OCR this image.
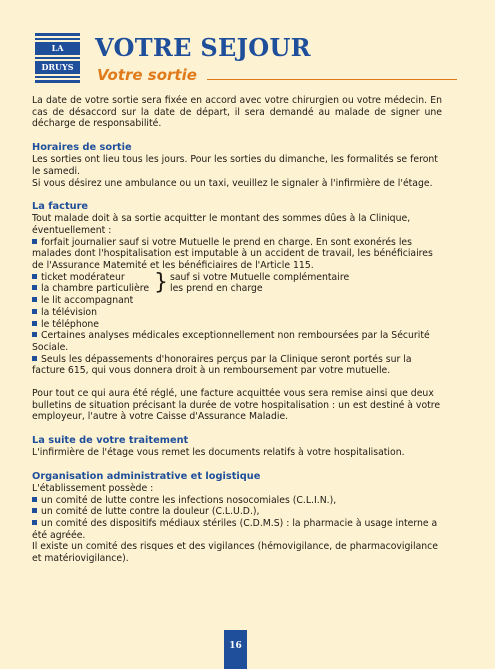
LA
DRUYS
VOTRE SEJOUR
Votre sortie

La date de votre sortie sera fixée en accord avec votre chirurgien ou votre médecin. En cas de désaccord sur la date de départ, il sera demandé au malade de signer une décharge de responsabilité.

Horaires de sortie

Les sorties ont lieu tous les jours. Pour les sorties du dimanche, les formalités se feront le samedi.

Si vous désirez une ambulance ou un taxi, veuillez le signaler à l'infirmière de l'étage.

La facture

Tout malade doit à sa sortie acquitter le montant des sommes dûes à la Clinique, éventuellement :

forfait journalier sauf si votre Mutuelle le prend en charge. En sont exonérés les malades dont l'hospitalisation est imputable à un accident de travail, les bénéficiaires de l'Assurance Matemité et les bénéficiaires de l'Article 115.

ticket modérateur } sauf si votre Mutuelle complémentaire
la chambre particulière les prend en charge

le lit accompagnant

la télévision

le téléphone

Certaines analyses médicales exceptionnellement non remboursées par la Sécurité Sociale.

Seuls les dépassements d'honoraires perçus par la Clinique seront portés sur la facture 615, qui vous donnera droit à un remboursement par votre mutuelle.

Pour tout ce qui aura été réglé, une facture acquittée vous sera remise ainsi que deux bulletins de situation précisant la durée de votre hospitalisation : un est destiné à votre employeur, l'autre à votre Caisse d'Assurance Maladie.

La suite de votre traitement

L'infirmière de l'étage vous remet les documents relatifs à votre hospitalisation.

Organisation administrative et logistique

L'établissement possède :

un comité de lutte contre les infections nosocomiales (C.L.I.N.),

un comité de lutte contre la douleur (C.L.U.D.),

un comité des dispositifs médiaux stériles (C.D.M.S) : la pharmacie à usage interne a été agréée.

Il existe un comité des risques et des vigilances (hémovigilance, de pharmacovigilance et matériovigilance).

16
